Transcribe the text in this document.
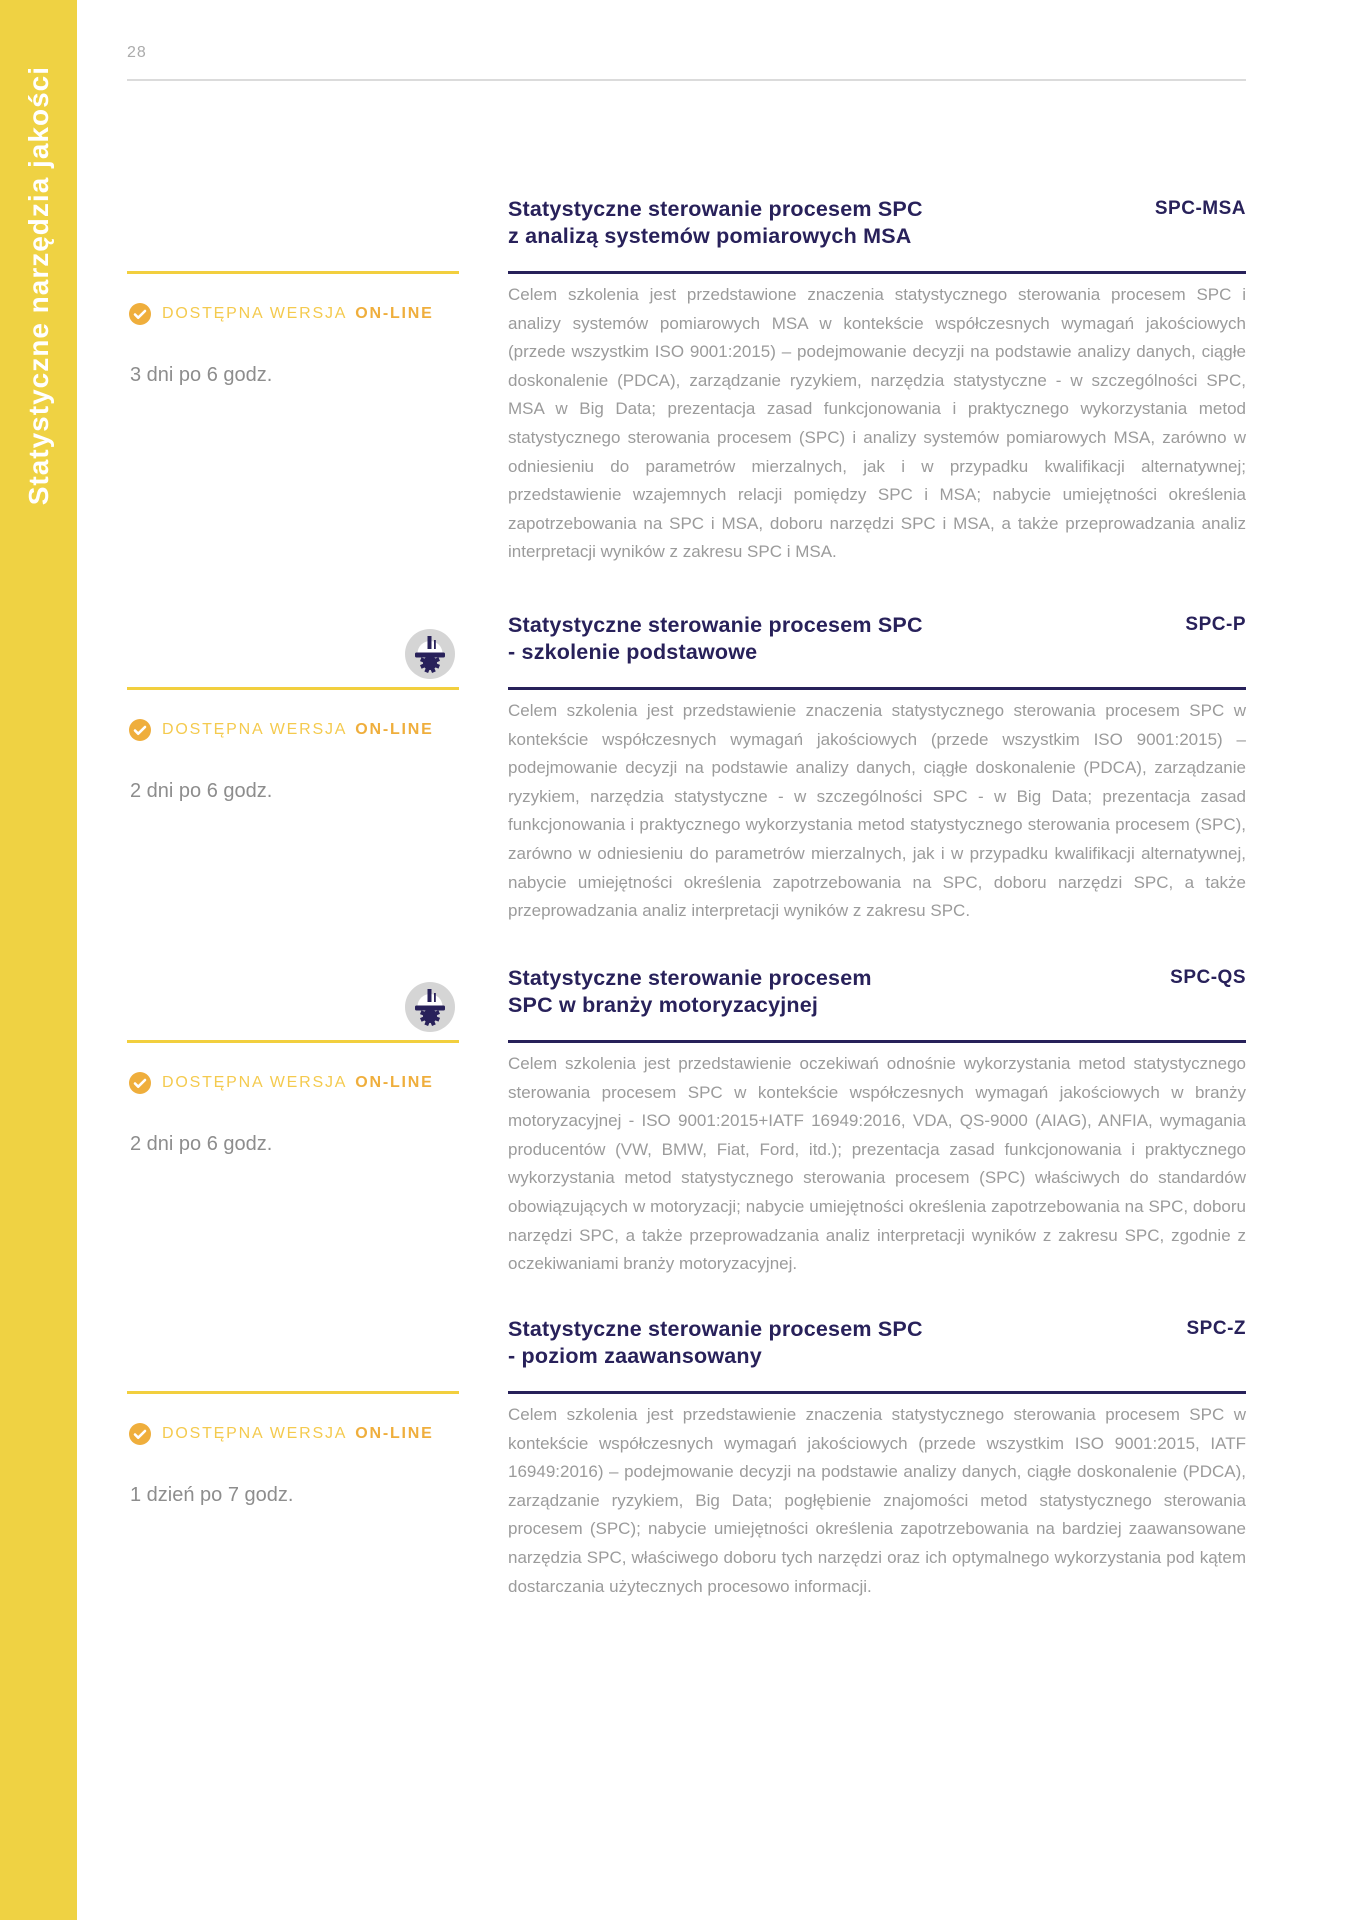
Statystyczne narzędzia jakości
28
DOSTĘPNA WERSJA ON-LINE
3 dni po 6 godz.
Statystyczne sterowanie procesem SPC
z analizą systemów pomiarowych MSA
SPC-MSA

Celem szkolenia jest przedstawione znaczenia statystycznego sterowania procesem SPC i analizy systemów pomiarowych MSA w kontekście współczesnych wymagań jakościowych (przede wszystkim ISO 9001:2015) – podejmowanie decyzji na podstawie analizy danych, ciągłe doskonalenie (PDCA), zarządzanie ryzykiem, narzędzia statystyczne - w szczególności SPC, MSA w Big Data; prezentacja zasad funkcjonowania i praktycznego wykorzystania metod statystycznego sterowania procesem (SPC) i analizy systemów pomiarowych MSA, zarówno w odniesieniu do parametrów mierzalnych, jak i w przypadku kwalifikacji alternatywnej; przedstawienie wzajemnych relacji pomiędzy SPC i MSA; nabycie umiejętności określenia zapotrzebowania na SPC i MSA, doboru narzędzi SPC i MSA, a także przeprowadzania analiz interpretacji wyników z zakresu SPC i MSA.

DOSTĘPNA WERSJA ON-LINE
2 dni po 6 godz.
Statystyczne sterowanie procesem SPC
- szkolenie podstawowe
SPC-P

Celem szkolenia jest przedstawienie znaczenia statystycznego sterowania procesem SPC w kontekście współczesnych wymagań jakościowych (przede wszystkim ISO 9001:2015) – podejmowanie decyzji na podstawie analizy danych, ciągłe doskonalenie (PDCA), zarządzanie ryzykiem, narzędzia statystyczne - w szczególności SPC - w Big Data; prezentacja zasad funkcjonowania i praktycznego wykorzystania metod statystycznego sterowania procesem (SPC), zarówno w odniesieniu do parametrów mierzalnych, jak i w przypadku kwalifikacji alternatywnej, nabycie umiejętności określenia zapotrzebowania na SPC, doboru narzędzi SPC, a także przeprowadzania analiz interpretacji wyników z zakresu SPC.

DOSTĘPNA WERSJA ON-LINE
2 dni po 6 godz.
Statystyczne sterowanie procesem
SPC w branży motoryzacyjnej
SPC-QS

Celem szkolenia jest przedstawienie oczekiwań odnośnie wykorzystania metod statystycznego sterowania procesem SPC w kontekście współczesnych wymagań jakościowych w branży motoryzacyjnej - ISO 9001:2015+IATF 16949:2016, VDA, QS-9000 (AIAG), ANFIA, wymagania producentów (VW, BMW, Fiat, Ford, itd.); prezentacja zasad funkcjonowania i praktycznego wykorzystania metod statystycznego sterowania procesem (SPC) właściwych do standardów obowiązujących w motoryzacji; nabycie umiejętności określenia zapotrzebowania na SPC, doboru narzędzi SPC, a także przeprowadzania analiz interpretacji wyników z zakresu SPC, zgodnie z oczekiwaniami branży motoryzacyjnej.

DOSTĘPNA WERSJA ON-LINE
1 dzień po 7 godz.
Statystyczne sterowanie procesem SPC
- poziom zaawansowany
SPC-Z

Celem szkolenia jest przedstawienie znaczenia statystycznego sterowania procesem SPC w kontekście współczesnych wymagań jakościowych (przede wszystkim ISO 9001:2015, IATF 16949:2016) – podejmowanie decyzji na podstawie analizy danych, ciągłe doskonalenie (PDCA), zarządzanie ryzykiem, Big Data; pogłębienie znajomości metod statystycznego sterowania procesem (SPC); nabycie umiejętności określenia zapotrzebowania na bardziej zaawansowane narzędzia SPC, właściwego doboru tych narzędzi oraz ich optymalnego wykorzystania pod kątem dostarczania użytecznych procesowo informacji.
